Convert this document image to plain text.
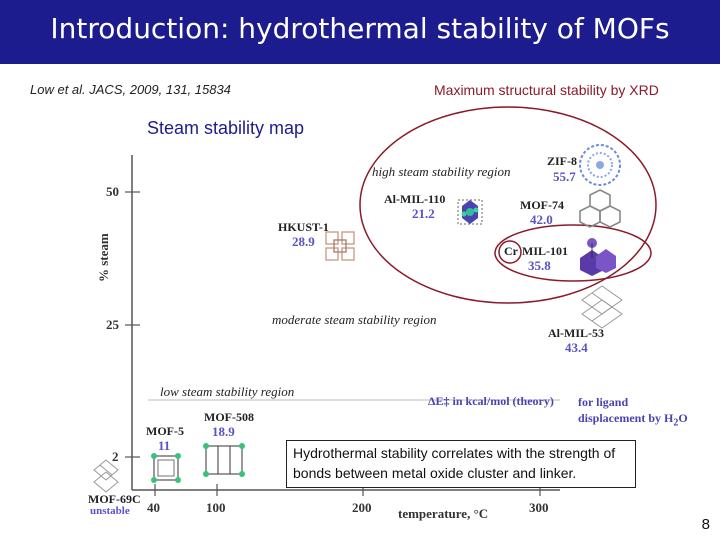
Introduction: hydrothermal stability of MOFs
Low et al. JACS, 2009, 131, 15834	Maximum structural stability by XRD
Steam stability map
% steam
50
25
2
40	100	200	300
temperature, °C
high steam stability region
moderate steam stability region
low steam stability region
ZIF-8
55.7
Al-MIL-110
21.2
MOF-74
42.0
HKUST-1
28.9
Cr MIL-101
35.8
Al-MIL-53
43.4
MOF-5
11
MOF-508
18.9
MOF-69C
unstable
ΔE‡ in kcal/mol (theory) for ligand
displacement by $H_2O$
Hydrothermal stability correlates with the strength of bonds between metal oxide cluster and linker.
8
